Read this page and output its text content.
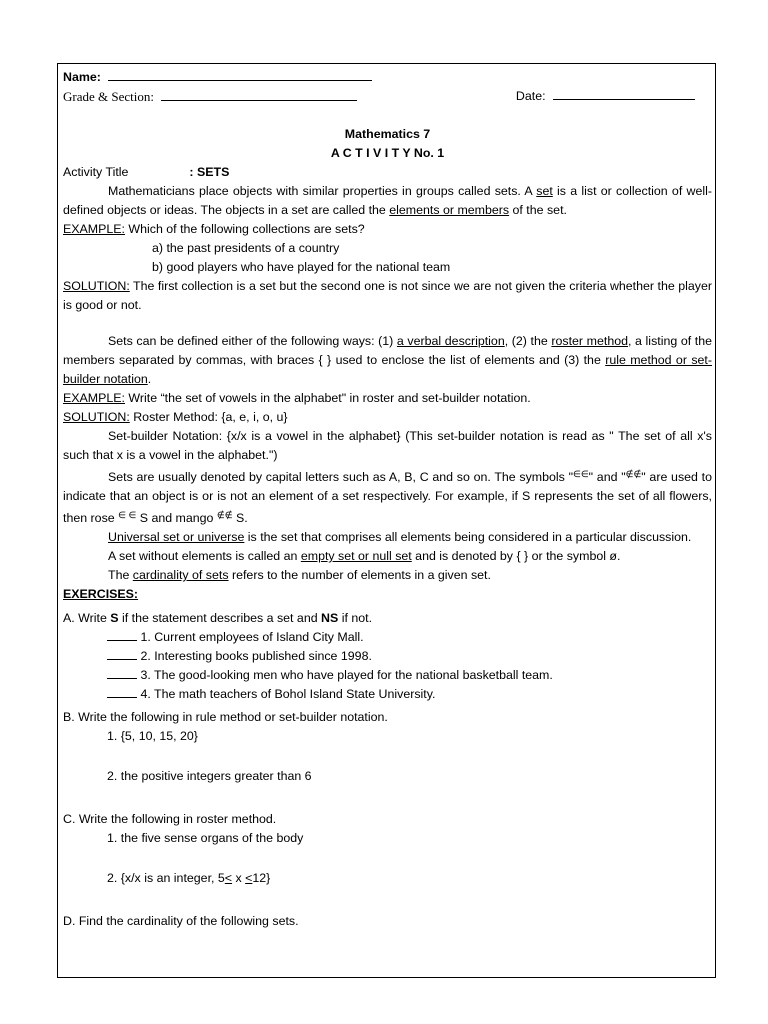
Name:
Grade & Section:	Date:
Mathematics 7
A C T I V I T Y No. 1
Activity Title	: SETS

Mathematicians place objects with similar properties in groups called sets. A set is a list or collection of well-defined objects or ideas. The objects in a set are called the elements or members of the set.

EXAMPLE: Which of the following collections are sets?
a) the past presidents of a country
b) good players who have played for the national team

SOLUTION: The first collection is a set but the second one is not since we are not given the criteria whether the player is good or not.

Sets can be defined either of the following ways: (1) a verbal description, (2) the roster method, a listing of the members separated by commas, with braces { } used to enclose the list of elements and (3) the rule method or set-builder notation.

EXAMPLE: Write “the set of vowels in the alphabet" in roster and set-builder notation.
SOLUTION: Roster Method: {a, e, i, o, u}

Set-builder Notation: {x/x is a vowel in the alphabet} (This set-builder notation is read as " The set of all x's such that x is a vowel in the alphabet.")

Sets are usually denoted by capital letters such as A, B, C and so on. The symbols "∈∈" and "∉∉" are used to indicate that an object is or is not an element of a set respectively. For example, if S represents the set of all flowers, then rose ∈ ∈ S and mango ∉∉ S.

Universal set or universe is the set that comprises all elements being considered in a particular discussion.

A set without elements is called an empty set or null set and is denoted by { } or the symbol ø.
The cardinality of sets refers to the number of elements in a given set.
EXERCISES:
A. Write S if the statement describes a set and NS if not.
1. Current employees of Island City Mall.
2. Interesting books published since 1998.
3. The good-looking men who have played for the national basketball team.
4. The math teachers of Bohol Island State University.
B. Write the following in rule method or set-builder notation.
1. {5, 10, 15, 20}
2. the positive integers greater than 6
C. Write the following in roster method.
1. the five sense organs of the body
2. {x/x is an integer, 5≤ x ≤12}
D. Find the cardinality of the following sets.
